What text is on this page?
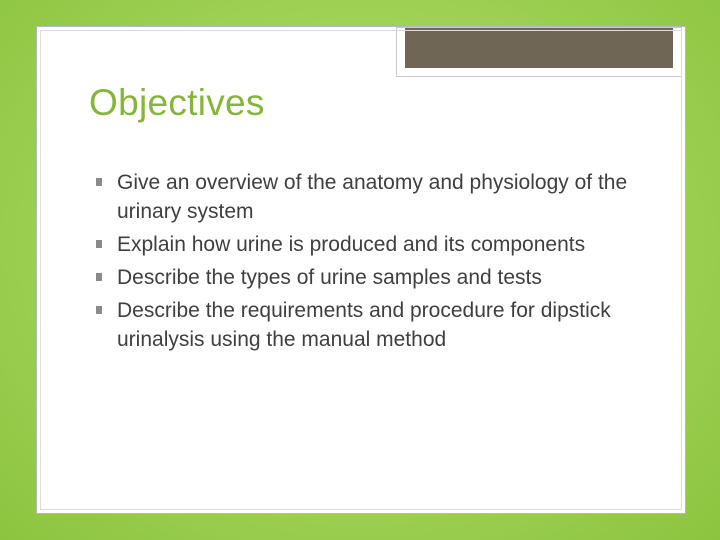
Objectives
Give an overview of the anatomy and physiology of the urinary system
Explain how urine is produced and its components
Describe the types of urine samples and tests
Describe the requirements and procedure for dipstick urinalysis using the manual method
